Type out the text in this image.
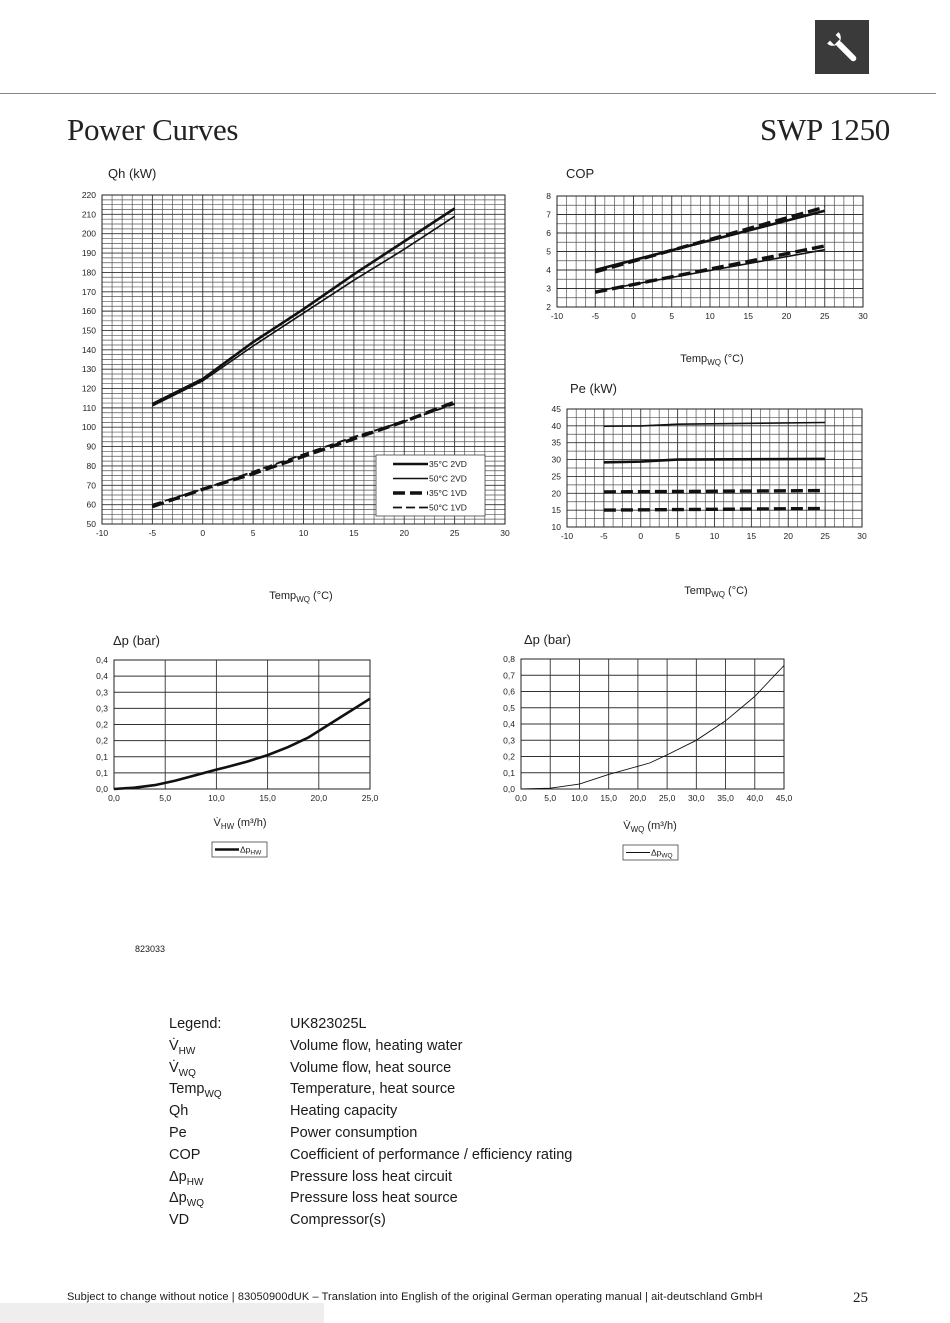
Power Curves	SWP 1250
-10	-5	0	5	10	15	20	25	30
50
60
70
80
90
100
110
120
130
140
150
160
170
180
190
200
210
220
Qh (kW)
Temp$_{WQ}$ (°C)
35°C 2VD
50°C 2VD
35°C 1VD
50°C 1VD
-10	-5	0	5	10	15	20	25	30
2
3
4
5
6
7
8
COP
Temp$_{WQ}$ (°C)
-10	-5	0	5	10	15	20	25	30
10
15
20
25
30
35
40
45
Pe (kW)
Temp$_{WQ}$ (°C)
0,0	5,0	10,0	15,0	20,0	25,0
0,0
0,1
0,1
0,2
0,2
0,3
0,3
0,4
0,4
Δp (bar)
$V̇_{HW}$ (m³/h)
$\Delta p_{HW}$
0,0 5,0 10,0 15,0 20,0 25,0 30,0 35,0 40,0 45,0
0,0
0,1
0,2
0,3
0,4
0,5
0,6
0,7
0,8
Δp (bar)
$V̇_{WQ}$ (m³/h)
$\Delta p_{WQ}$
823033
Legend:	UK823025L
$V̇_{HW}$	Volume flow, heating water
$V̇_{WQ}$	Volume flow, heat source
Temp$_{WQ}$	Temperature, heat source
Qh	Heating capacity
Pe	Power consumption
COP	Coefficient of performance / efficiency rating
$\Delta p_{HW}$	Pressure loss heat circuit
$\Delta p_{WQ}$	Pressure loss heat source
VD	Compressor(s)
Subject to change without notice | 83050900dUK – Translation into English of the original German operating manual | ait-deutschland GmbH	25
